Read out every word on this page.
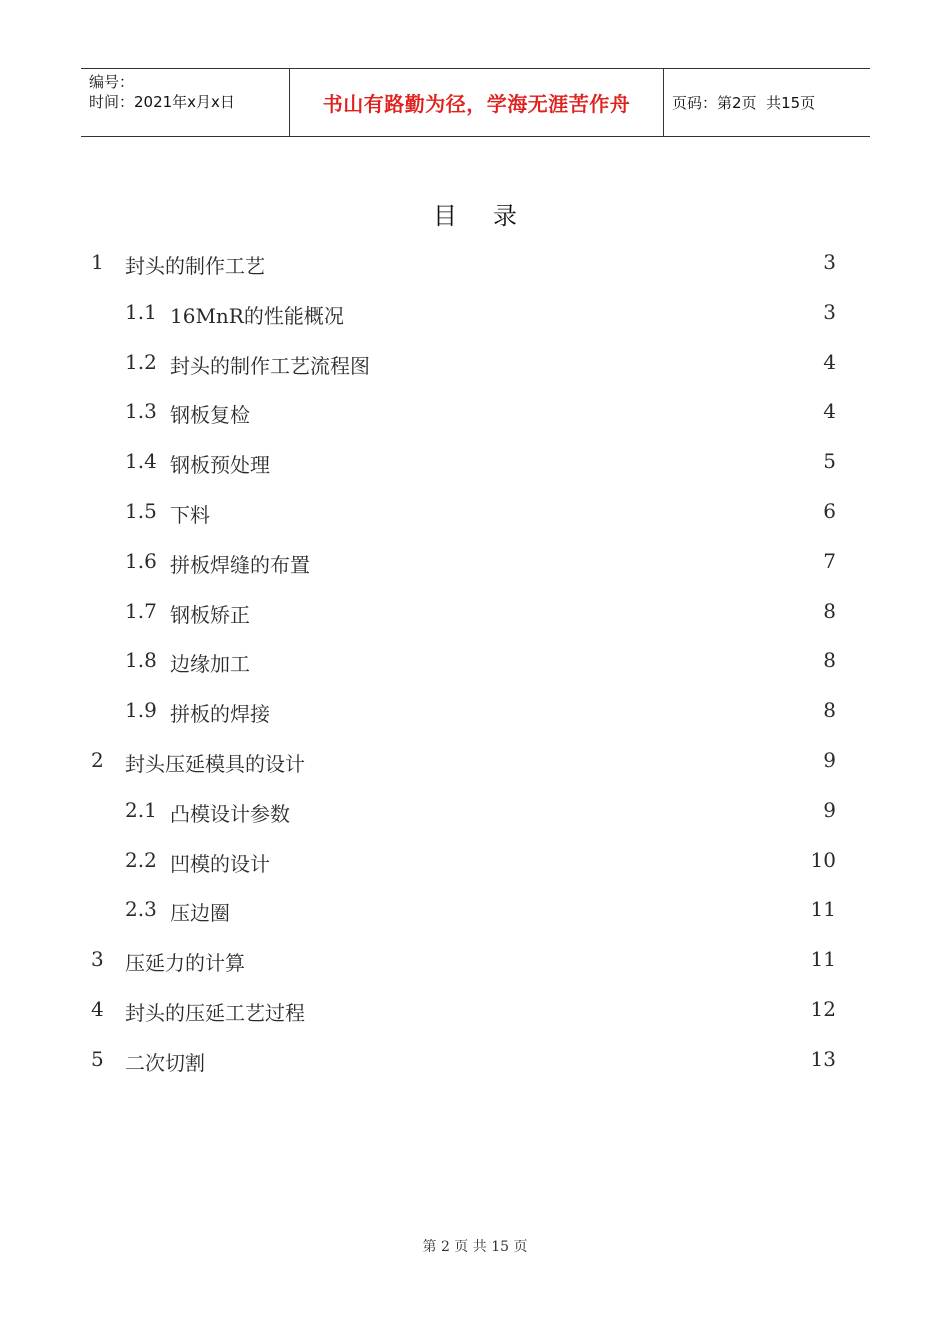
编号：
时间：2021年x月x日	书山有路勤为径，学海无涯苦作舟	页码：第2页  共15页
目录
1 封头的制作工艺	3
1.1 16MnR的性能概况	3
1.2 封头的制作工艺流程图	4
1.3 钢板复检	4
1.4 钢板预处理	5
1.5 下料	6
1.6 拼板焊缝的布置	7
1.7 钢板矫正	8
1.8 边缘加工	8
1.9 拼板的焊接	8
2 封头压延模具的设计	9
2.1 凸模设计参数	9
2.2 凹模的设计	10
2.3 压边圈	11
3 压延力的计算	11
4 封头的压延工艺过程	12
5 二次切割	13
第 2 页 共 15 页
